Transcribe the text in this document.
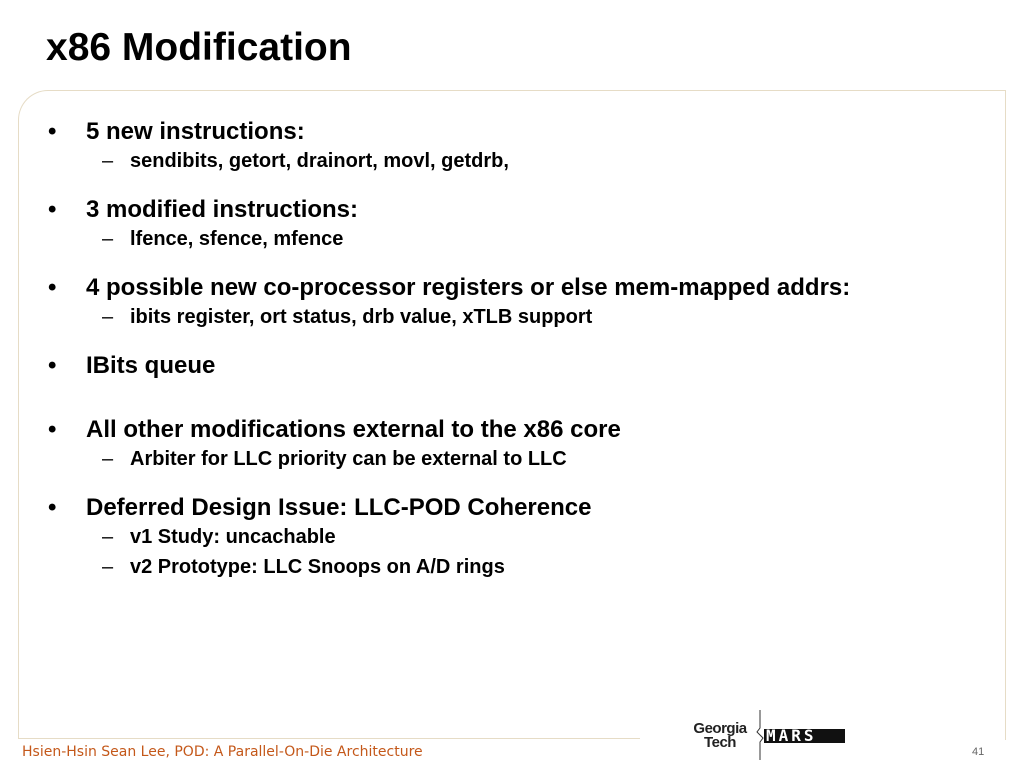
x86 Modification
• 5 new instructions:
– sendibits, getort, drainort, movl, getdrb,
• 3 modified instructions:
– lfence, sfence, mfence
• 4 possible new co-processor registers or else mem-mapped addrs:
– ibits register, ort status, drb value, xTLB support
• IBits queue
• All other modifications external to the x86 core
– Arbiter for LLC priority can be external to LLC
• Deferred Design Issue: LLC-POD Coherence
– v1 Study: uncachable
– v2 Prototype: LLC Snoops on A/D rings
Georgia
Tech	MARS
Hsien-Hsin Sean Lee, POD: A Parallel-On-Die Architecture	41
